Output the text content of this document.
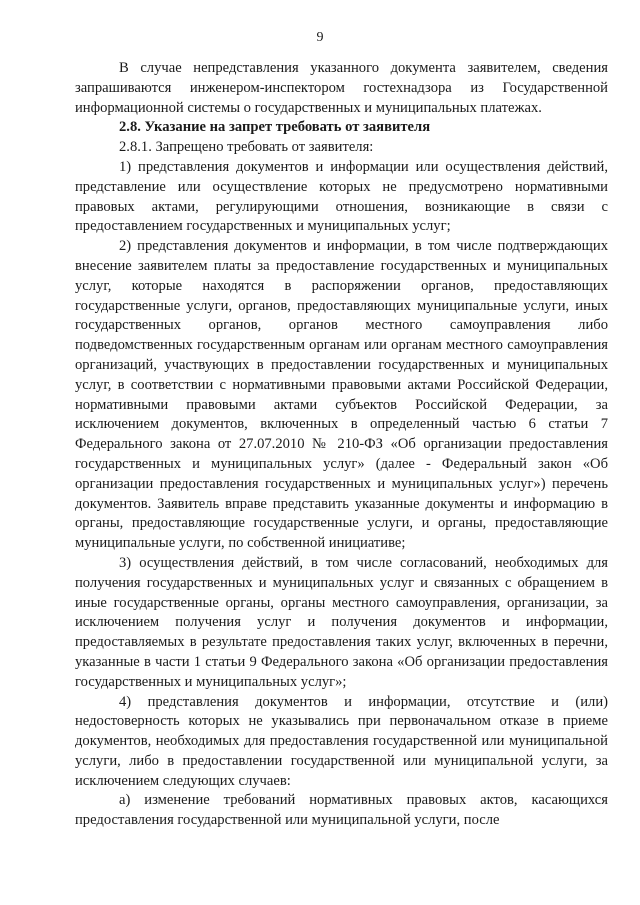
9

В случае непредставления указанного документа заявителем, сведения запрашиваются инженером-инспектором гостехнадзора из Государственной информационной системы о государственных и муниципальных платежах.

2.8. Указание на запрет требовать от заявителя

2.8.1. Запрещено требовать от заявителя:

1) представления документов и информации или осуществления действий, представление или осуществление которых не предусмотрено нормативными правовых актами, регулирующими отношения, возникающие в связи с предоставлением государственных и муниципальных услуг;

2) представления документов и информации, в том числе подтверждающих внесение заявителем платы за предоставление государственных и муниципальных услуг, которые находятся в распоряжении органов, предоставляющих государственные услуги, органов, предоставляющих муниципальные услуги, иных государственных органов, органов местного самоуправления либо подведомственных государственным органам или органам местного самоуправления организаций, участвующих в предоставлении государственных и муниципальных услуг, в соответствии с нормативными правовыми актами Российской Федерации, нормативными правовыми актами субъектов Российской Федерации, за исключением документов, включенных в определенный частью 6 статьи 7 Федерального закона от 27.07.2010 № 210-ФЗ «Об организации предоставления государственных и муниципальных услуг» (далее - Федеральный закон «Об организации предоставления государственных и муниципальных услуг») перечень документов. Заявитель вправе представить указанные документы и информацию в органы, предоставляющие государственные услуги, и органы, предоставляющие муниципальные услуги, по собственной инициативе;

3) осуществления действий, в том числе согласований, необходимых для получения государственных и муниципальных услуг и связанных с обращением в иные государственные органы, органы местного самоуправления, организации, за исключением получения услуг и получения документов и информации, предоставляемых в результате предоставления таких услуг, включенных в перечни, указанные в части 1 статьи 9 Федерального закона «Об организации предоставления государственных и муниципальных услуг»;

4) представления документов и информации, отсутствие и (или) недостоверность которых не указывались при первоначальном отказе в приеме документов, необходимых для предоставления государственной или муниципальной услуги, либо в предоставлении государственной или муниципальной услуги, за исключением следующих случаев:

а) изменение требований нормативных правовых актов, касающихся предоставления государственной или муниципальной услуги, после
